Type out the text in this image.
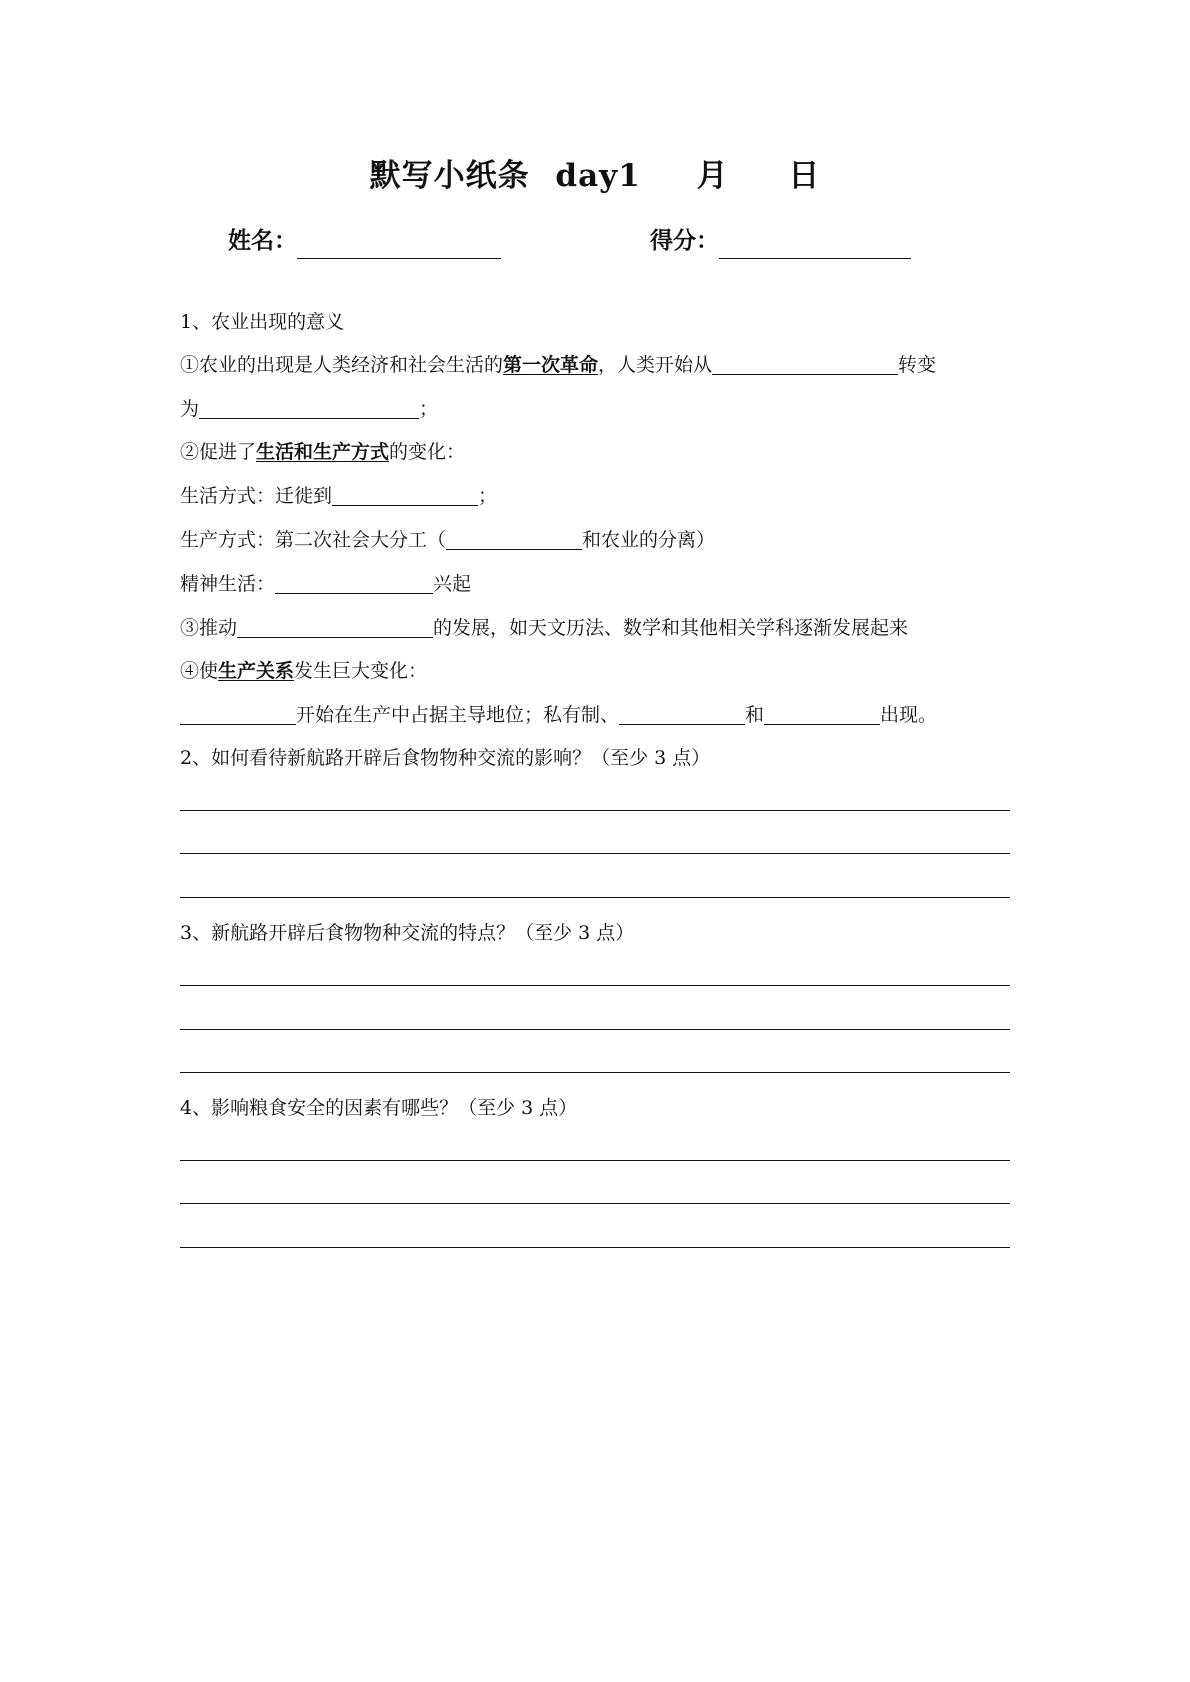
默写小纸条 day1 月 日
姓名：	得分：
1、农业出现的意义
①农业的出现是人类经济和社会生活的第一次革命，人类开始从	转变
为	；
②促进了生活和生产方式的变化：
生活方式：迁徙到	；
生产方式：第二次社会大分工（	和农业的分离）
精神生活：	兴起
③推动	的发展，如天文历法、数学和其他相关学科逐渐发展起来
④使生产关系发生巨大变化：
开始在生产中占据主导地位；私有制、	和	出现。
2、如何看待新航路开辟后食物物种交流的影响？（至少 3 点）
3、新航路开辟后食物物种交流的特点？（至少 3 点）
4、影响粮食安全的因素有哪些？（至少 3 点）
